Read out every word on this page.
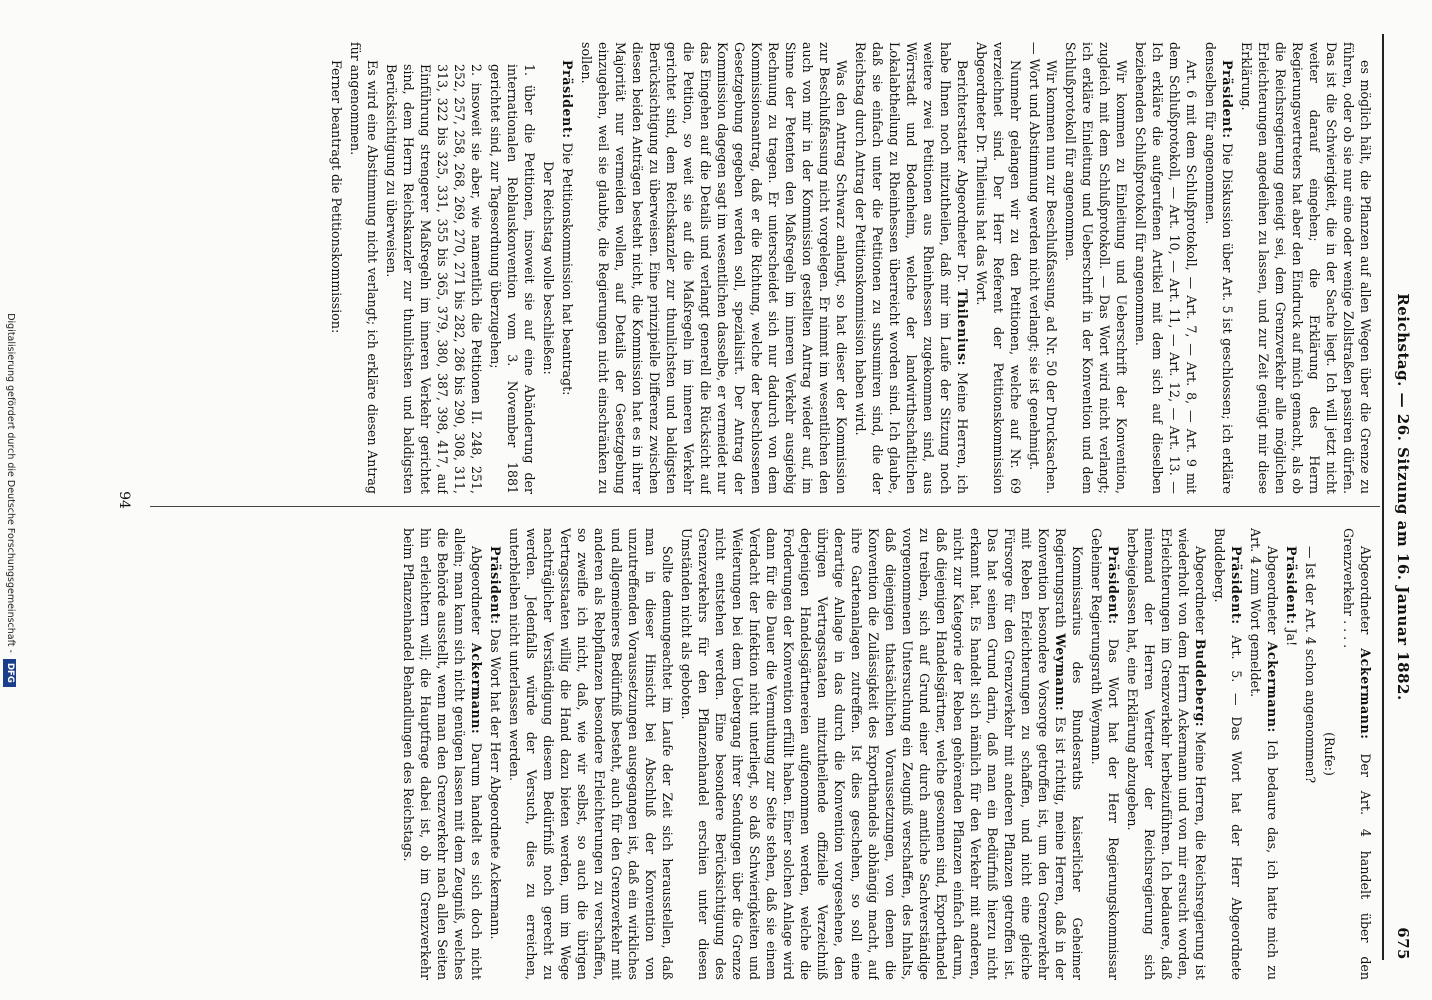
Reichstag. — 26. Sitzung am 16. Januar 1882.
675

es möglich hält, die Pflanzen auf allen Wegen über die Grenze zu führen, oder ob sie nur eine oder wenige Zollstraßen passiren dürfen. Das ist die Schwierigkeit, die in der Sache liegt. Ich will jetzt nicht weiter darauf eingehen; die Erklärung des Herrn Regierungsvertreters hat aber den Eindruck auf mich gemacht, als ob die Reichsregierung geneigt sei, dem Grenzverkehr alle möglichen Erleichterungen angedeihen zu lassen, und zur Zeit genügt mir diese Erklärung.

Präsident: Die Diskussion über Art. 5 ist geschlossen; ich erkläre denselben für angenommen.

Art. 6 mit dem Schlußprotokoll, — Art. 7, — Art. 8, — Art. 9 mit dem Schlußprotokoll, — Art. 10, — Art. 11, — Art. 12, — Art. 13. — Ich erkläre die aufgerufenen Artikel mit dem sich auf dieselben beziehenden Schlußprotokoll für angenommen.

Wir kommen zu Einleitung und Ueberschrift der Konvention, zugleich mit dem Schlußprotokoll. — Das Wort wird nicht verlangt; ich erkläre Einleitung und Ueberschrift in der Konvention und dem Schlußprotokoll für angenommen.

Wir kommen nun zur Beschlußfassung, ad Nr. 50 der Drucksachen. — Wort und Abstimmung werden nicht verlangt; sie ist genehmigt.

Nunmehr gelangen wir zu den Petitionen, welche auf Nr. 69 verzeichnet sind. Der Herr Referent der Petitionskommission Abgeordneter Dr. Thilenius hat das Wort.

Berichterstatter Abgeordneter Dr. Thilenius: Meine Herren, ich habe Ihnen noch mitzutheilen, daß mir im Laufe der Sitzung noch weitere zwei Petitionen aus Rheinhessen zugekommen sind, aus Wörrstadt und Bodenheim, welche der landwirthschaftlichen Lokalabtheilung zu Rheinhessen überreicht worden sind. Ich glaube, daß sie einfach unter die Petitionen zu subsumiren sind, die der Reichstag durch Antrag der Petitionskommission haben wird.

Was den Antrag Schwarz anlangt, so hat dieser der Kommission zur Beschlußfassung nicht vorgelegen. Er nimmt im wesentlichen den auch von mir in der Kommission gestellten Antrag wieder auf, im Sinne der Petenten den Maßregeln im inneren Verkehr ausgiebig Rechnung zu tragen. Er unterscheidet sich nur dadurch von dem Kommissionsantrag, daß er die Richtung, welche der beschlossenen Gesetzgebung gegeben werden soll, spezialisirt. Der Antrag der Kommission dagegen sagt im wesentlichen dasselbe, er vermeidet nur das Eingehen auf die Details und verlangt generell die Rücksicht auf die Petition, so weit sie auf die Maßregeln im inneren Verkehr gerichtet sind, dem Reichskanzler zur thunlichsten und baldigsten Berücksichtigung zu überweisen. Eine prinzipielle Differenz zwischen diesen beiden Anträgen besteht nicht, die Kommission hat es in ihrer Majorität nur vermeiden wollen, auf Details der Gesetzgebung einzugehen, weil sie glaubte, die Regierungen nicht einschränken zu sollen.

Präsident: Die Petitionskommission hat beantragt:

Der Reichstag wolle beschließen:

1. über die Petitionen, insoweit sie auf eine Abänderung der internationalen Reblauskonvention vom 3. November 1881 gerichtet sind, zur Tagesordnung überzugehen;

2. insoweit sie aber, wie namentlich die Petitionen II. 248, 251, 252, 257, 258, 268, 269, 270, 271 bis 282, 286 bis 290, 308, 311, 313, 322 bis 325, 331, 355 bis 365, 379, 380, 387, 398, 417, auf Einführung strengerer Maßregeln im inneren Verkehr gerichtet sind, dem Herrn Reichskanzler zur thunlichsten und baldigsten Berücksichtigung zu überweisen.

Es wird eine Abstimmung nicht verlangt; ich erkläre diesen Antrag für angenommen.

Ferner beantragt die Petitionskommission:

Abgeordneter Ackermann: Der Art. 4 handelt über den Grenzverkehr . . . .

(Rufe:)

— Ist der Art. 4 schon angenommen?

Präsident: Ja!

Abgeordneter Ackermann: Ich bedaure das, ich hatte mich zu Art. 4 zum Wort gemeldet.

Präsident: Art. 5. — Das Wort hat der Herr Abgeordnete Buddeberg.

Abgeordneter Buddeberg: Meine Herren, die Reichsregierung ist wiederholt von dem Herrn Ackermann und von mir ersucht worden, Erleichterungen im Grenzverkehr herbeizuführen. Ich bedauere, daß niemand der Herren Vertreter der Reichsregierung sich herbeigelassen hat, eine Erklärung abzugeben.

Präsident: Das Wort hat der Herr Regierungskommissar Geheimer Regierungsrath Weymann.

Kommissarius des Bundesraths kaiserlicher Geheimer Regierungsrath Weymann: Es ist richtig, meine Herren, daß in der Konvention besondere Vorsorge getroffen ist, um den Grenzverkehr mit Reben Erleichterungen zu schaffen, und nicht eine gleiche Fürsorge für den Grenzverkehr mit anderen Pflanzen getroffen ist. Das hat seinen Grund darin, daß man ein Bedürfniß hierzu nicht erkannt hat. Es handelt sich nämlich für den Verkehr mit anderen, nicht zur Kategorie der Reben gehörenden Pflanzen einfach darum, daß diejenigen Handelsgärtner, welche gesonnen sind, Exporthandel zu treiben, sich auf Grund einer durch amtliche Sachverständige vorgenommenen Untersuchung ein Zeugniß verschaffen, des Inhalts, daß diejenigen thatsächlichen Voraussetzungen, von denen die Konvention die Zulässigkeit des Exporthandels abhängig macht, auf ihre Gartenanlagen zutreffen. Ist dies geschehen, so soll eine derartige Anlage in das durch die Konvention vorgesehene, den übrigen Vertragsstaaten mitzutheilende offizielle Verzeichniß derjenigen Handelsgärtnereien aufgenommen werden, welche die Forderungen der Konvention erfüllt haben. Einer solchen Anlage wird dann für die Dauer die Vermuthung zur Seite stehen, daß sie einem Verdacht der Infektion nicht unterliegt, so daß Schwierigkeiten und Weiterungen bei dem Uebergang ihrer Sendungen über die Grenze nicht entstehen werden. Eine besondere Berücksichtigung des Grenzverkehrs für den Pflanzenhandel erschien unter diesen Umständen nicht als geboten.

Sollte demungeachtet im Laufe der Zeit sich herausstellen, daß man in dieser Hinsicht bei Abschluß der Konvention von unzutreffenden Voraussetzungen ausgegangen ist, daß ein wirkliches und allgemeineres Bedürfniß besteht, auch für den Grenzverkehr mit anderen als Rebpflanzen besondere Erleichterungen zu verschaffen, so zweifle ich nicht, daß, wie wir selbst, so auch die übrigen Vertragsstaaten willig die Hand dazu bieten werden, um im Wege nachträglicher Verständigung diesem Bedürfniß noch gerecht zu werden. Jedenfalls würde der Versuch, dies zu erreichen, unterbleiben nicht unterlassen werden.

Präsident: Das Wort hat der Herr Abgeordnete Ackermann.

Abgeordneter Ackermann: Darum handelt es sich doch nicht allein; man kann sich nicht genügen lassen mit dem Zeugniß, welches die Behörde ausstellt, wenn man den Grenzverkehr nach allen Seiten hin erleichtern will; die Hauptfrage dabei ist, ob im Grenzverkehr beim Pflanzenhandel Behandlungen des Reichstags.

94
Digitalisierung gefördert durch die Deutsche Forschungsgemeinschaft -DFG
